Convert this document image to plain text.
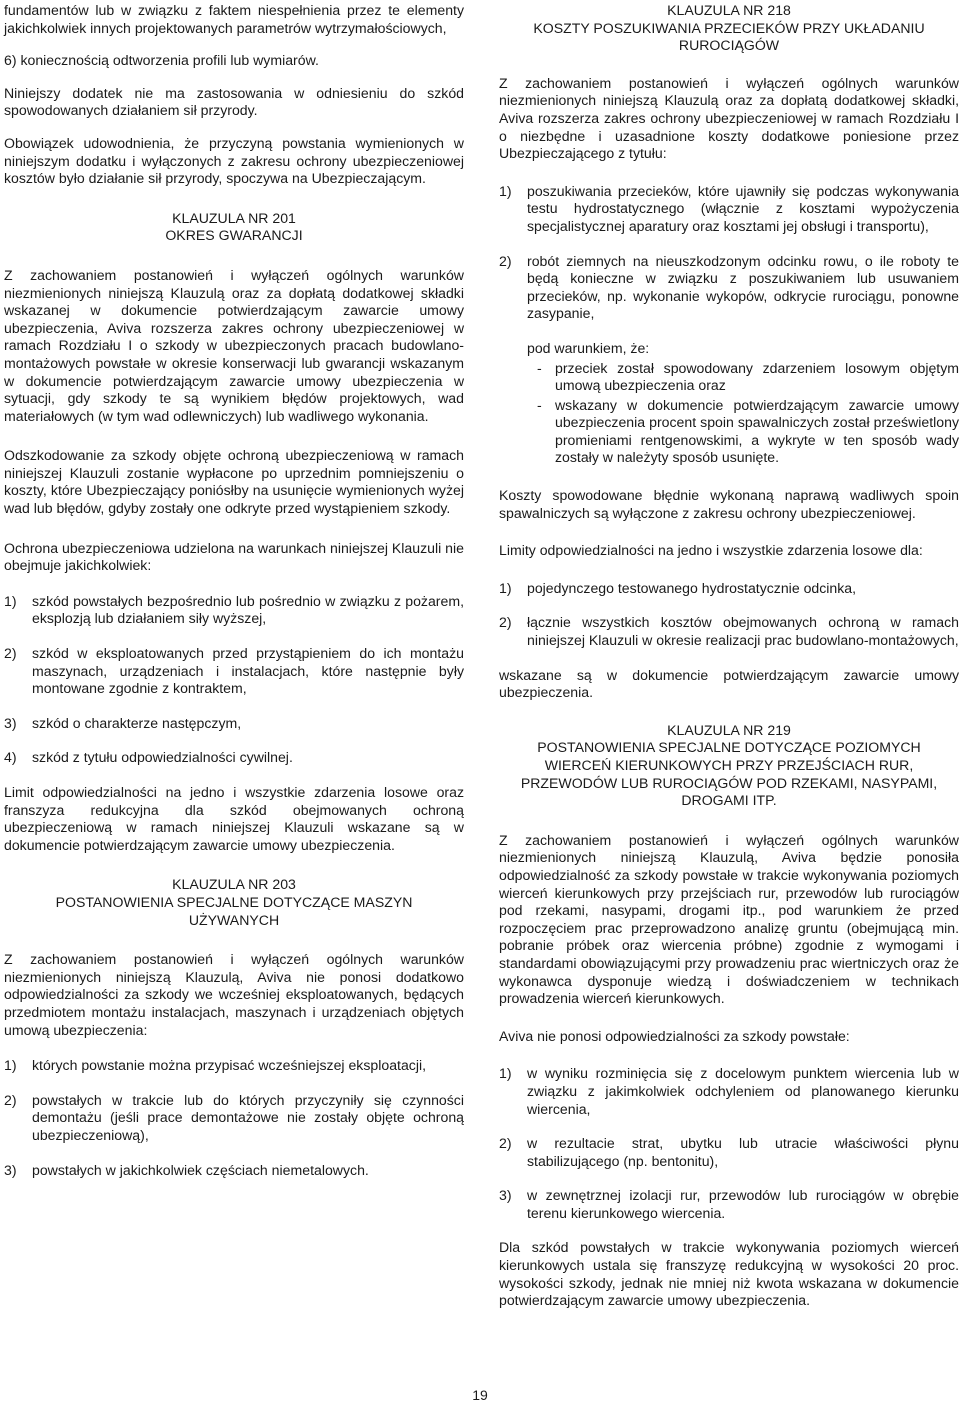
fundamentów lub w związku z faktem niespełnienia przez te elementy jakichkolwiek innych projektowanych parametrów wytrzymałościowych,

6) koniecznością odtworzenia profili lub wymiarów.

Niniejszy dodatek nie ma zastosowania w odniesieniu do szkód spowodowanych działaniem sił przyrody.

Obowiązek udowodnienia, że przyczyną powstania wymienionych w niniejszym dodatku i wyłączonych z zakresu ochrony ubezpieczeniowej kosztów było działanie sił przyrody, spoczywa na Ubezpieczającym.

KLAUZULA NR 201
OKRES GWARANCJI

Z zachowaniem postanowień i wyłączeń ogólnych warunków niezmienionych niniejszą Klauzulą oraz za dopłatą dodatkowej składki wskazanej w dokumencie potwierdzającym zawarcie umowy ubezpieczenia, Aviva rozszerza zakres ochrony ubezpieczeniowej w ramach Rozdziału I o szkody w ubezpieczonych pracach budowlano-montażowych powstałe w okresie konserwacji lub gwarancji wskazanym w dokumencie potwierdzającym zawarcie umowy ubezpieczenia w sytuacji, gdy szkody te są wynikiem błędów projektowych, wad materiałowych (w tym wad odlewniczych) lub wadliwego wykonania.

Odszkodowanie za szkody objęte ochroną ubezpieczeniową w ramach niniejszej Klauzuli zostanie wypłacone po uprzednim pomniejszeniu o koszty, które Ubezpieczający poniósłby na usunięcie wymienionych wyżej wad lub błędów, gdyby zostały one odkryte przed wystąpieniem szkody.

Ochrona ubezpieczeniowa udzielona na warunkach niniejszej Klauzuli nie obejmuje jakichkolwiek:

1) szkód powstałych bezpośrednio lub pośrednio w związku z pożarem, eksplozją lub działaniem siły wyższej,
2) szkód w eksploatowanych przed przystąpieniem do ich montażu maszynach, urządzeniach i instalacjach, które następnie były montowane zgodnie z kontraktem,
3) szkód o charakterze następczym,
4) szkód z tytułu odpowiedzialności cywilnej.

Limit odpowiedzialności na jedno i wszystkie zdarzenia losowe oraz franszyza redukcyjna dla szkód obejmowanych ochroną ubezpieczeniową w ramach niniejszej Klauzuli wskazane są w dokumencie potwierdzającym zawarcie umowy ubezpieczenia.

KLAUZULA NR 203
POSTANOWIENIA SPECJALNE DOTYCZĄCE MASZYN
UŻYWANYCH

Z zachowaniem postanowień i wyłączeń ogólnych warunków niezmienionych niniejszą Klauzulą, Aviva nie ponosi dodatkowo odpowiedzialności za szkody we wcześniej eksploatowanych, będących przedmiotem montażu instalacjach, maszynach i urządzeniach objętych umową ubezpieczenia:

1) których powstanie można przypisać wcześniejszej eksploatacji,
2) powstałych w trakcie lub do których przyczyniły się czynności demontażu (jeśli prace demontażowe nie zostały objęte ochroną ubezpieczeniową),
3) powstałych w jakichkolwiek częściach niemetalowych.
KLAUZULA NR 218
KOSZTY POSZUKIWANIA PRZECIEKÓW PRZY UKŁADANIU
RUROCIĄGÓW

Z zachowaniem postanowień i wyłączeń ogólnych warunków niezmienionych niniejszą Klauzulą oraz za dopłatą dodatkowej składki, Aviva rozszerza zakres ochrony ubezpieczeniowej w ramach Rozdziału I o niezbędne i uzasadnione koszty dodatkowe poniesione przez Ubezpieczającego z tytułu:

1) poszukiwania przecieków, które ujawniły się podczas wykonywania testu hydrostatycznego (włącznie z kosztami wypożyczenia specjalistycznej aparatury oraz kosztami jej obsługi i transportu),
2) robót ziemnych na nieuszkodzonym odcinku rowu, o ile roboty te będą konieczne w związku z poszukiwaniem lub usuwaniem przecieków, np. wykonanie wykopów, odkrycie rurociągu, ponowne zasypanie,

pod warunkiem, że:

- przeciek został spowodowany zdarzeniem losowym objętym umową ubezpieczenia oraz
- wskazany w dokumencie potwierdzającym zawarcie umowy ubezpieczenia procent spoin spawalniczych został prześwietlony promieniami rentgenowskimi, a wykryte w ten sposób wady zostały w należyty sposób usunięte.

Koszty spowodowane błędnie wykonaną naprawą wadliwych spoin spawalniczych są wyłączone z zakresu ochrony ubezpieczeniowej.

Limity odpowiedzialności na jedno i wszystkie zdarzenia losowe dla:

1) pojedynczego testowanego hydrostatycznie odcinka,
2) łącznie wszystkich kosztów obejmowanych ochroną w ramach niniejszej Klauzuli w okresie realizacji prac budowlano-montażowych,

wskazane są w dokumencie potwierdzającym zawarcie umowy ubezpieczenia.

KLAUZULA NR 219
POSTANOWIENIA SPECJALNE DOTYCZĄCE POZIOMYCH
WIERCEŃ KIERUNKOWYCH PRZY PRZEJŚCIACH RUR,
PRZEWODÓW LUB RUROCIĄGÓW POD RZEKAMI, NASYPAMI,
DROGAMI ITP.

Z zachowaniem postanowień i wyłączeń ogólnych warunków niezmienionych niniejszą Klauzulą, Aviva będzie ponosiła odpowiedzialność za szkody powstałe w trakcie wykonywania poziomych wierceń kierunkowych przy przejściach rur, przewodów lub rurociągów pod rzekami, nasypami, drogami itp., pod warunkiem że przed rozpoczęciem prac przeprowadzono analizę gruntu (obejmującą min. pobranie próbek oraz wiercenia próbne) zgodnie z wymogami i standardami obowiązującymi przy prowadzeniu prac wiertniczych oraz że wykonawca dysponuje wiedzą i doświadczeniem w technikach prowadzenia wierceń kierunkowych.

Aviva nie ponosi odpowiedzialności za szkody powstałe:

1) w wyniku rozminięcia się z docelowym punktem wiercenia lub w związku z jakimkolwiek odchyleniem od planowanego kierunku wiercenia,
2) w rezultacie strat, ubytku lub utracie właściwości płynu stabilizującego (np. bentonitu),
3) w zewnętrznej izolacji rur, przewodów lub rurociągów w obrębie terenu kierunkowego wiercenia.

Dla szkód powstałych w trakcie wykonywania poziomych wierceń kierunkowych ustala się franszyzę redukcyjną w wysokości 20 proc. wysokości szkody, jednak nie mniej niż kwota wskazana w dokumencie potwierdzającym zawarcie umowy ubezpieczenia.

19
